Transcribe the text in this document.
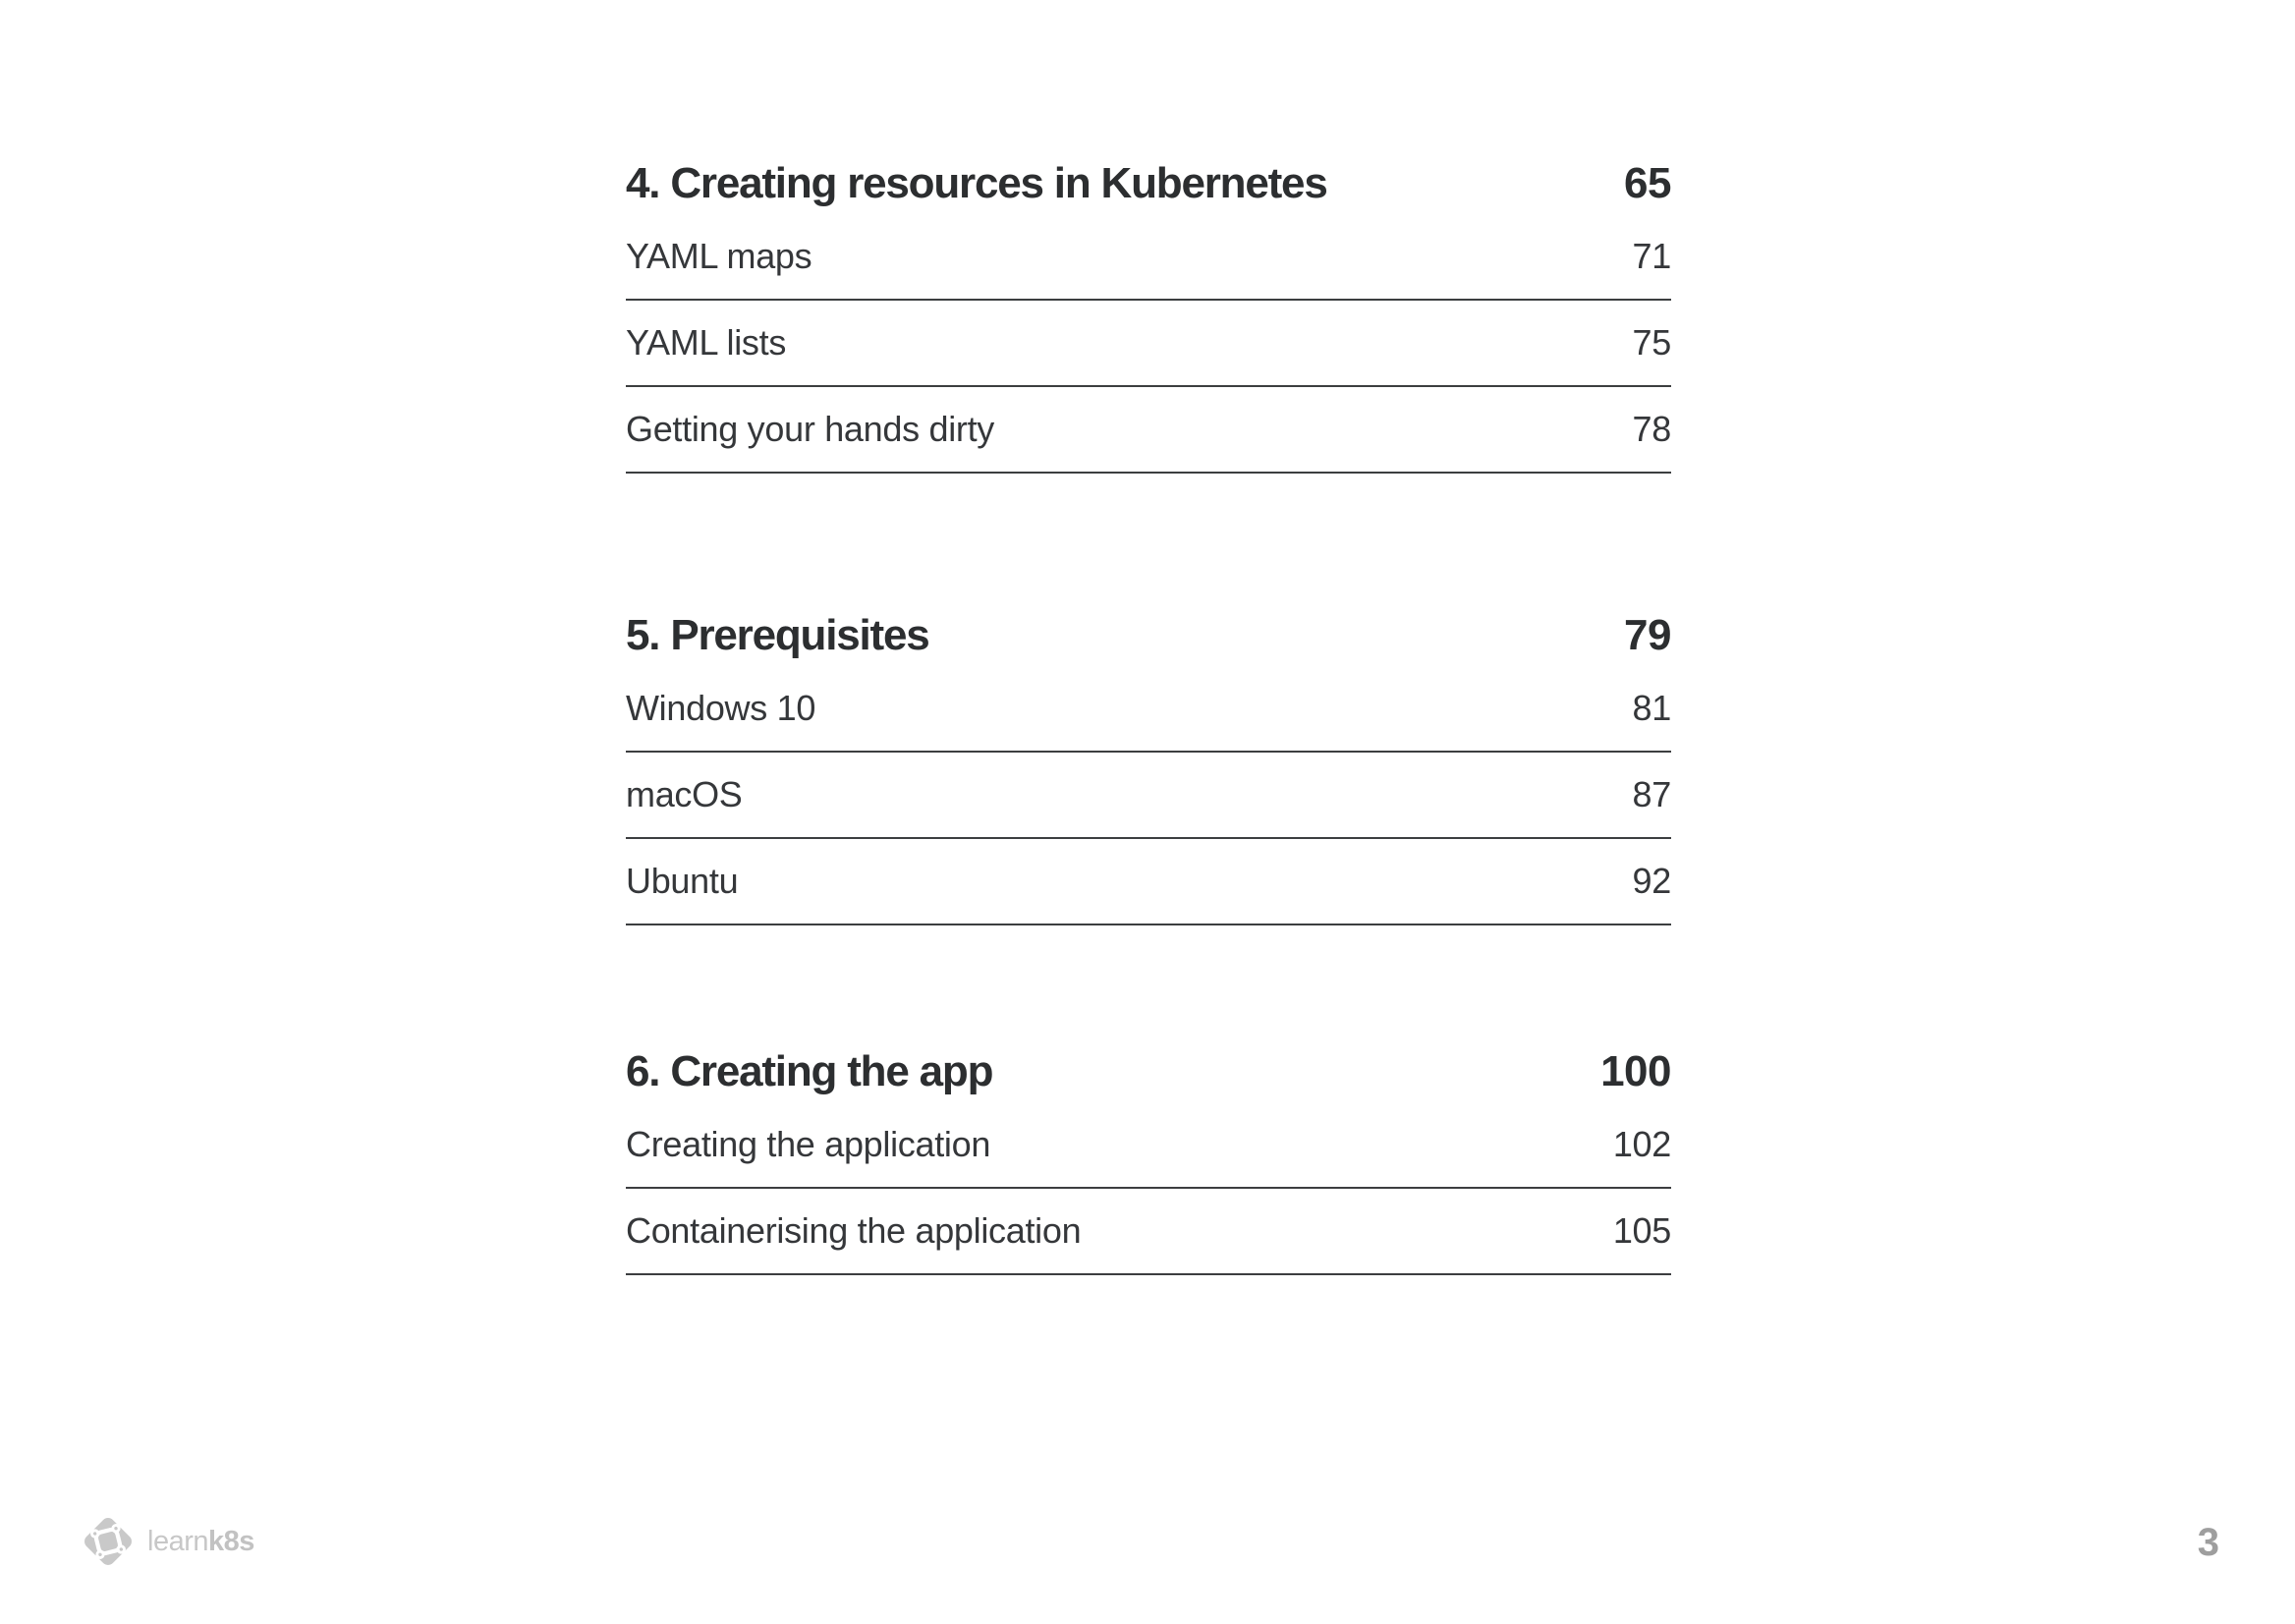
4. Creating resources in Kubernetes	65
YAML maps	71
YAML lists	75
Getting your hands dirty	78
5. Prerequisites	79
Windows 10	81
macOS	87
Ubuntu	92
6. Creating the app	100
Creating the application	102
Containerising the application	105
learnk8s	3
